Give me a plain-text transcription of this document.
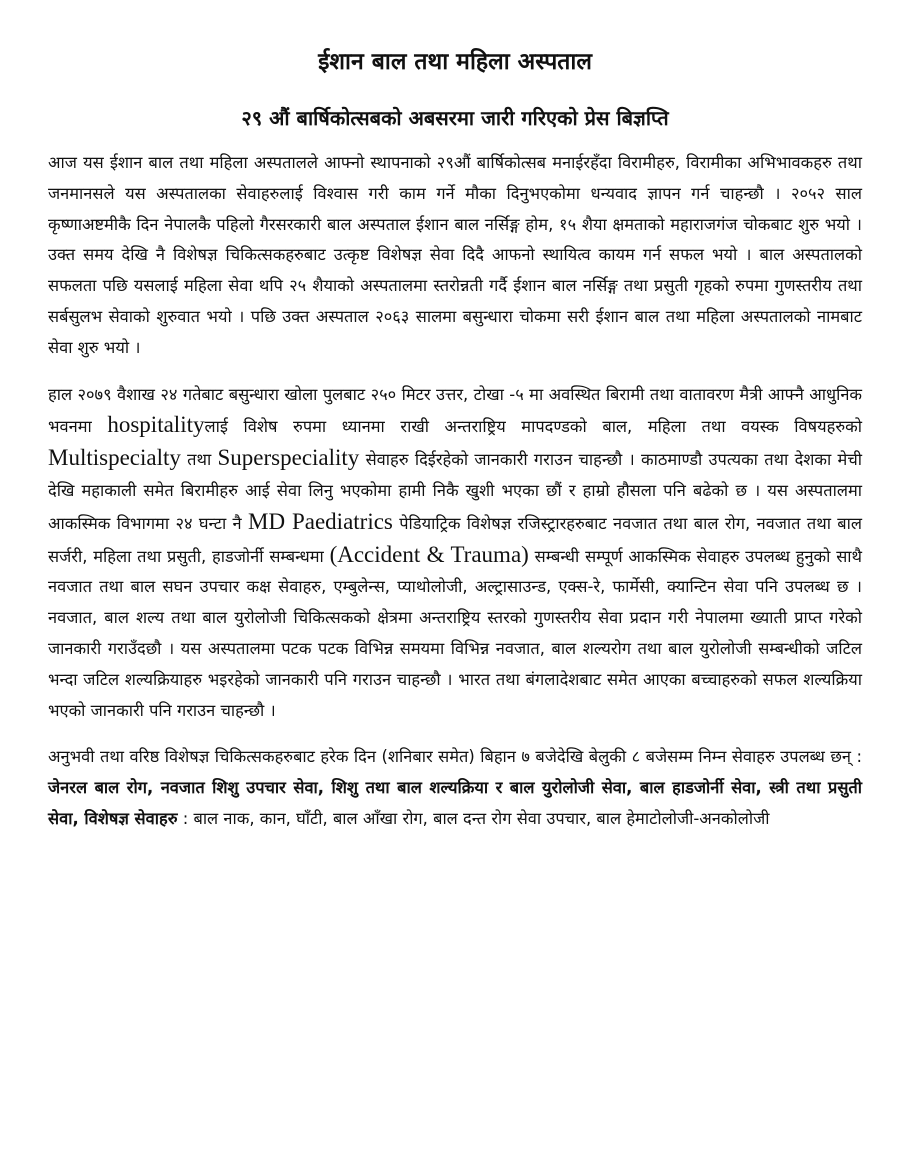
ईशान बाल तथा महिला अस्पताल
२९ औं बार्षिकोत्सबको अबसरमा जारी गरिएको प्रेस बिज्ञप्ति

आज यस ईशान बाल तथा महिला अस्पतालले आफ्नो स्थापनाको २९औं बार्षिकोत्सब मनाईरहँदा विरामीहरु, विरामीका अभिभावकहरु तथा जनमानसले यस अस्पतालका सेवाहरुलाई विश्वास गरी काम गर्ने मौका दिनुभएकोमा धन्यवाद ज्ञापन गर्न चाहन्छौ । २०५२ साल कृष्णाअष्टमीकै दिन नेपालकै पहिलो गैरसरकारी बाल अस्पताल ईशान बाल नर्सिङ्ग होम, १५ शैया क्षमताको महाराजगंज चोकबाट शुरु भयो । उक्त समय देखि नै विशेषज्ञ चिकित्सकहरुबाट उत्कृष्ट विशेषज्ञ सेवा दिदै आफनो स्थायित्व कायम गर्न सफल भयो । बाल अस्पतालको सफलता पछि यसलाई महिला सेवा थपि २५ शैयाको अस्पतालमा स्तरोन्नती गर्दै ईशान बाल नर्सिङ्ग तथा प्रसुती गृहको रुपमा गुणस्तरीय तथा सर्बसुलभ सेवाको शुरुवात भयो । पछि उक्त अस्पताल २०६३ सालमा बसुन्धारा चोकमा सरी ईशान बाल तथा महिला अस्पतालको नामबाट सेवा शुरु भयो ।

हाल २०७९ वैशाख २४ गतेबाट बसुन्धारा खोला पुलबाट २५० मिटर उत्तर, टोखा -५ मा अवस्थित बिरामी तथा वातावरण मैत्री आफ्नै आधुनिक भवनमा hospitalityलाई विशेष रुपमा ध्यानमा राखी अन्तराष्ट्रिय मापदण्डको बाल, महिला तथा वयस्क विषयहरुको Multispecialty तथा Superspeciality सेवाहरु दिईरहेको जानकारी गराउन चाहन्छौ । काठमाण्डौ उपत्यका तथा देशका मेची देखि महाकाली समेत बिरामीहरु आई सेवा लिनु भएकोमा हामी निकै खुशी भएका छौं र हाम्रो हौसला पनि बढेको छ । यस अस्पतालमा आकस्मिक विभागमा २४ घन्टा नै MD Paediatrics पेडियाट्रिक विशेषज्ञ रजिस्ट्रारहरुबाट नवजात तथा बाल रोग, नवजात तथा बाल सर्जरी, महिला तथा प्रसुती, हाडजोर्नी सम्बन्धमा (Accident & Trauma) सम्बन्धी सम्पूर्ण आकस्मिक सेवाहरु उपलब्ध हुनुको साथै नवजात तथा बाल सघन उपचार कक्ष सेवाहरु, एम्बुलेन्स, प्याथोलोजी, अल्ट्रासाउन्ड, एक्स-रे, फार्मेसी, क्यान्टिन सेवा पनि उपलब्ध छ । नवजात, बाल शल्य तथा बाल युरोलोजी चिकित्सकको क्षेत्रमा अन्तराष्ट्रिय स्तरको गुणस्तरीय सेवा प्रदान गरी नेपालमा ख्याती प्राप्त गरेको जानकारी गराउँदछौ । यस अस्पतालमा पटक पटक विभिन्न समयमा विभिन्न नवजात, बाल शल्यरोग तथा बाल युरोलोजी सम्बन्धीको जटिल भन्दा जटिल शल्यक्रियाहरु भइरहेको जानकारी पनि गराउन चाहन्छौ । भारत तथा बंगलादेशबाट समेत आएका बच्चाहरुको सफल शल्यक्रिया भएको जानकारी पनि गराउन चाहन्छौ ।

अनुभवी तथा वरिष्ठ विशेषज्ञ चिकित्सकहरुबाट हरेक दिन (शनिबार समेत) बिहान ७ बजेदेखि बेलुकी ८ बजेसम्म निम्न सेवाहरु उपलब्ध छन् : जेनरल बाल रोग, नवजात शिशु उपचार सेवा, शिशु तथा बाल शल्यक्रिया र बाल युरोलोजी सेवा, बाल हाडजोर्नी सेवा, स्त्री तथा प्रसुती सेवा, विशेषज्ञ सेवाहरु : बाल नाक, कान, घाँटी, बाल आँखा रोग, बाल दन्त रोग सेवा उपचार, बाल हेमाटोलोजी-अनकोलोजी
